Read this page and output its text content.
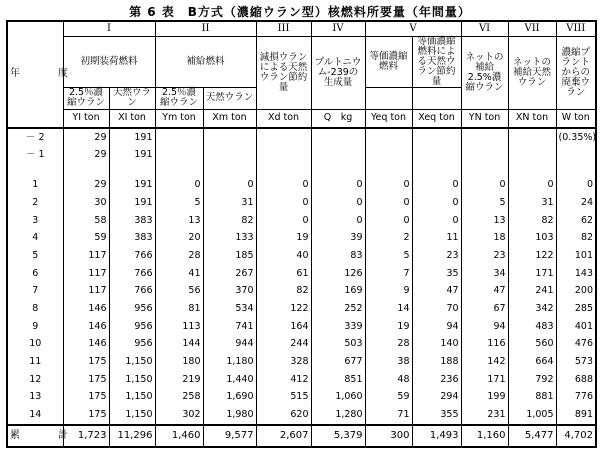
第 6 表　B方式（濃縮ウラン型）核燃料所要量（年間量）
年　度	I		II		III	IV	V		VI	VII	VIII
	初期装荷燃料		補給燃料		減損ウランによる天然ウラン節約量	プルトニウム-239の生成量	等価濃縮燃料	等価濃縮燃料による天然ウラン節約量	ネットの補給 2.5%濃縮ウラン	ネットの補給天然ウラン	濃縮プラントからの廃棄ウラン
	2.5％濃縮ウラン	天然ウラン	2.5％濃縮ウラン	天然ウラン							
	YI ton	XI ton	Ym ton	Xm ton	Xd ton	Q　kg	Yeq ton	Xeq ton	YN ton	XN ton	W ton
－ 2	29	191									(0.35%)
－ 1	29	191									

1	29	191	0	0	0	0	0	0	0	0	0
2	30	191	5	31	0	0	0	0	5	31	24
3	58	383	13	82	0	0	0	0	13	82	62
4	59	383	20	133	19	39	2	11	18	103	82
5	117	766	28	185	40	83	5	23	23	122	101
6	117	766	41	267	61	126	7	35	34	171	143
7	117	766	56	370	82	169	9	47	47	241	200
8	146	956	81	534	122	252	14	70	67	342	285
9	146	956	113	741	164	339	19	94	94	483	401
10	146	956	144	944	244	503	28	140	116	560	476
11	175	1,150	180	1,180	328	677	38	188	142	664	573
12	175	1,150	219	1,440	412	851	48	236	171	792	688
13	175	1,150	258	1,690	515	1,060	59	294	199	881	776
14	175	1,150	302	1,980	620	1,280	71	355	231	1,005	891
累　計	1,723	11,296	1,460	9,577	2,607	5,379	300	1,493	1,160	5,477	4,702
